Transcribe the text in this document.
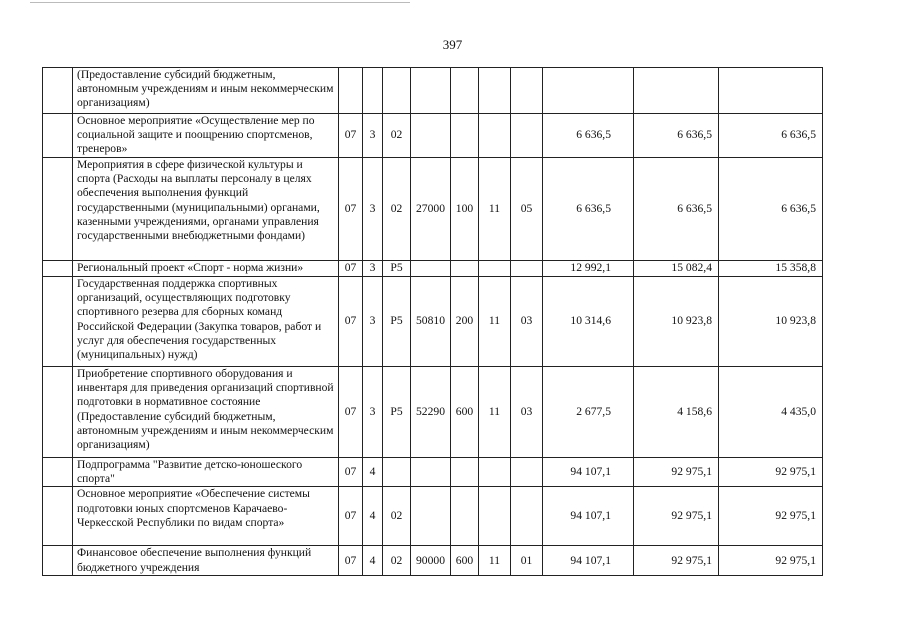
397
	(Предоставление субсидий бюджетным, автономным учреждениям и иным некоммерческим организациям)										
	Основное мероприятие «Осуществление мер по социальной защите и поощрению спортсменов, тренеров»	07	3	02					6 636,5	6 636,5	6 636,5
	Мероприятия в сфере физической культуры и спорта (Расходы на выплаты персоналу в целях обеспечения выполнения функций государственными (муниципальными) органами, казенными учреждениями, органами управления государственными внебюджетными фондами)	07	3	02	27000	100	11	05	6 636,5	6 636,5	6 636,5
	Региональный проект «Спорт - норма жизни»	07	3	P5					12 992,1	15 082,4	15 358,8
	Государственная поддержка спортивных организаций, осуществляющих подготовку спортивного резерва для сборных команд Российской Федерации (Закупка товаров, работ и услуг для обеспечения государственных (муниципальных) нужд)	07	3	P5	50810	200	11	03	10 314,6	10 923,8	10 923,8
	Приобретение спортивного оборудования и инвентаря для приведения организаций спортивной подготовки в нормативное состояние (Предоставление субсидий бюджетным, автономным учреждениям и иным некоммерческим организациям)	07	3	P5	52290	600	11	03	2 677,5	4 158,6	4 435,0
	Подпрограмма "Развитие детско-юношеского спорта"	07	4						94 107,1	92 975,1	92 975,1
	Основное мероприятие «Обеспечение системы подготовки юных спортсменов Карачаево-Черкесской Республики по видам спорта»	07	4	02					94 107,1	92 975,1	92 975,1
	Финансовое обеспечение выполнения функций бюджетного учреждения	07	4	02	90000	600	11	01	94 107,1	92 975,1	92 975,1
